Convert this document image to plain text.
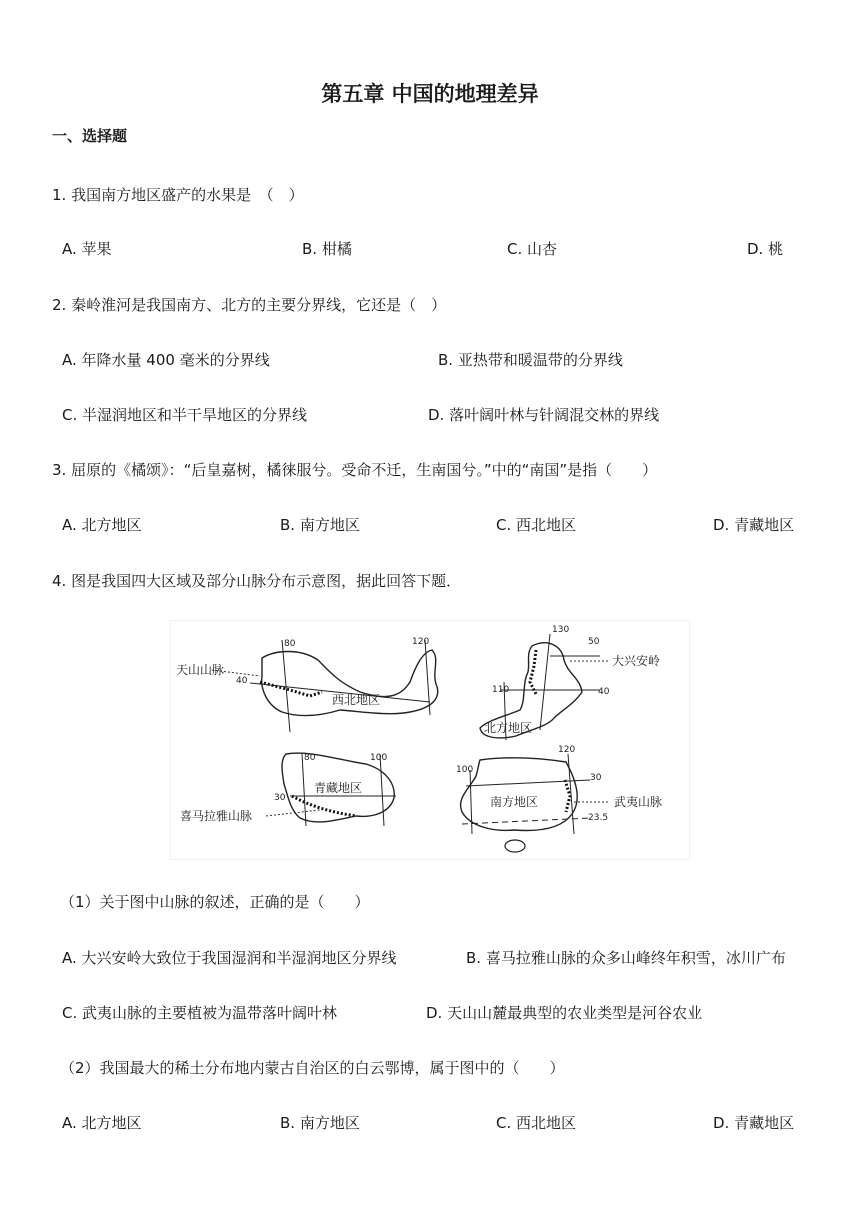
第五章 中国的地理差异
一、选择题
1. 我国南方地区盛产的水果是　（　）
A. 苹果	B. 柑橘	C. 山杏	D. 桃
2. 秦岭淮河是我国南方、北方的主要分界线，它还是（　）
A. 年降水量 400 毫米的分界线	B. 亚热带和暖温带的分界线
C. 半湿润地区和半干旱地区的分界线	D. 落叶阔叶林与针阔混交林的界线
3. 屈原的《橘颂》：“后皇嘉树，橘徕服兮。受命不迁，生南国兮。”中的“南国”是指（　　）
A. 北方地区	B. 南方地区	C. 西北地区	D. 青藏地区
4. 图是我国四大区域及部分山脉分布示意图，据此回答下题．
天山山脉
西北地区
80	120
40
大兴安岭
北方地区
130
50
110	40
喜马拉雅山脉
青藏地区
80	100
30	武夷山脉
南方地区
120
100
30
23.5
（1）关于图中山脉的叙述，正确的是（　　）
A. 大兴安岭大致位于我国湿润和半湿润地区分界线	B. 喜马拉雅山脉的众多山峰终年积雪，冰川广布
C. 武夷山脉的主要植被为温带落叶阔叶林	D. 天山山麓最典型的农业类型是河谷农业
（2）我国最大的稀土分布地内蒙古自治区的白云鄂博，属于图中的（　　）
A. 北方地区	B. 南方地区	C. 西北地区	D. 青藏地区
